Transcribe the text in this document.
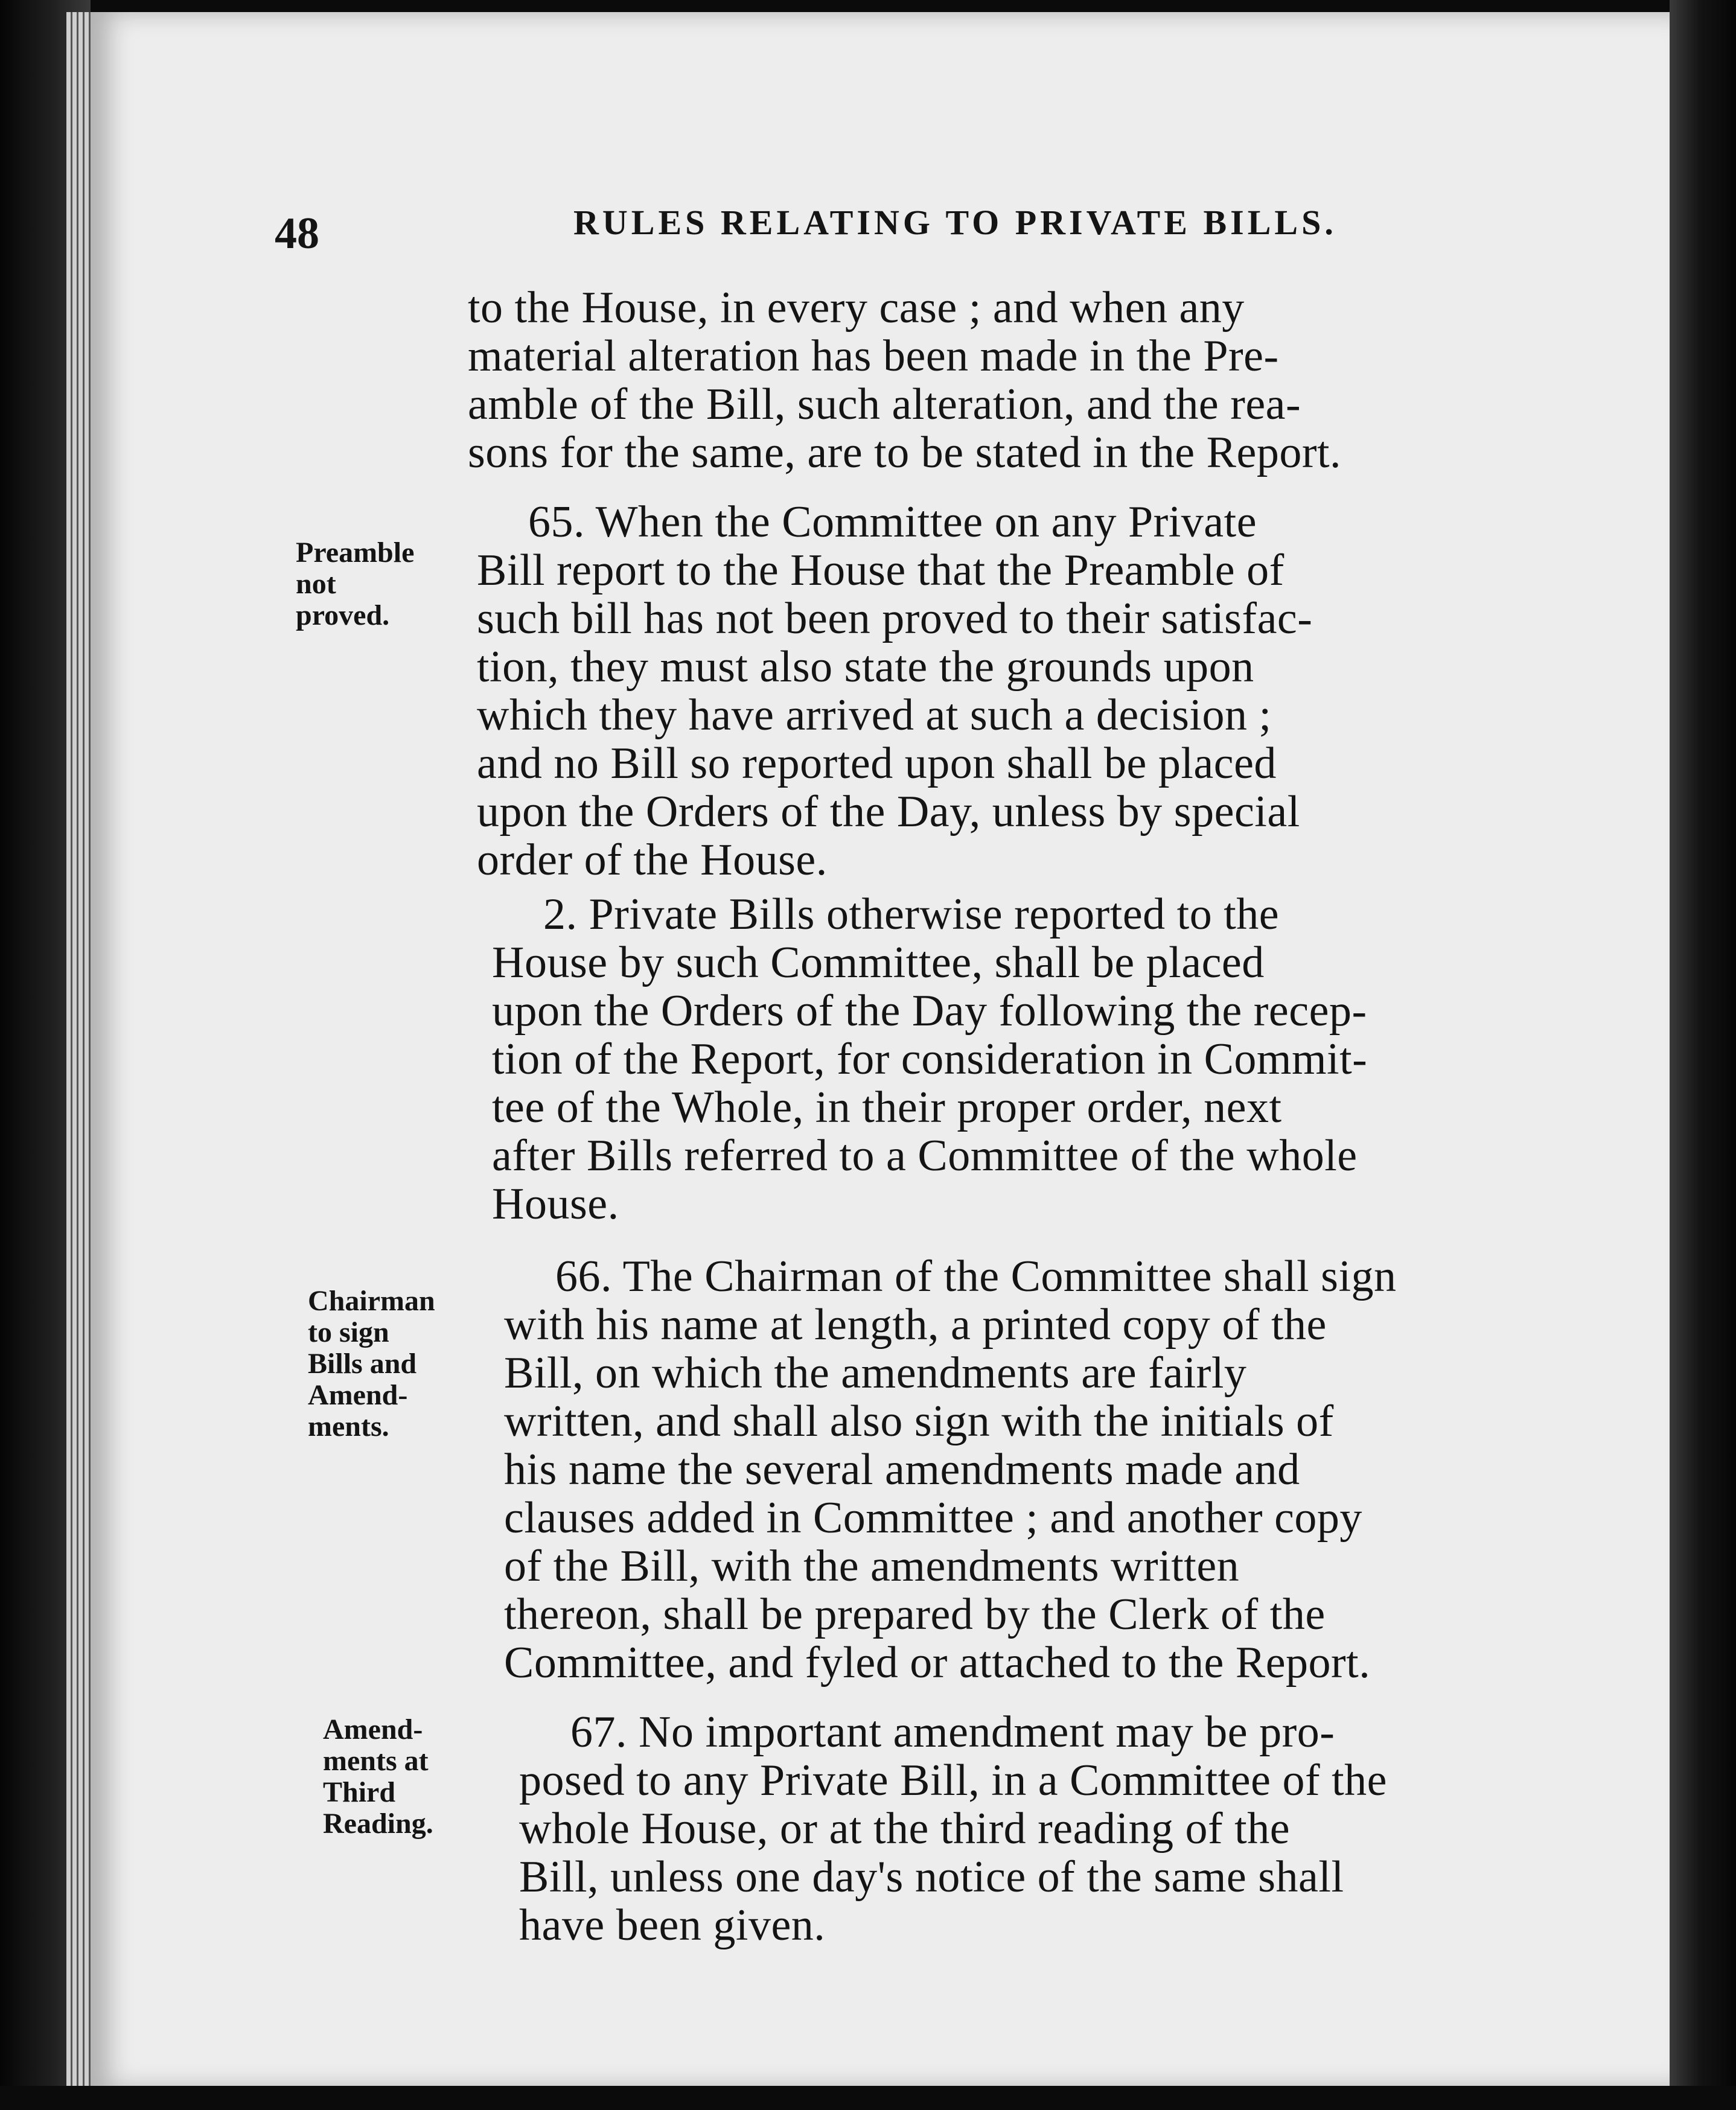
48	RULES RELATING TO PRIVATE BILLS.
to the House, in every case ; and when any
material alteration has been made in the Pre-
amble of the Bill, such alteration, and the rea-
sons for the same, are to be stated in the Report.
65. When the Committee on any Private
Bill report to the House that the Preamble of
such bill has not been proved to their satisfac-
tion, they must also state the grounds upon
which they have arrived at such a decision ;
and no Bill so reported upon shall be placed
upon the Orders of the Day, unless by special
order of the House.
2. Private Bills otherwise reported to the
House by such Committee, shall be placed
upon the Orders of the Day following the recep-
tion of the Report, for consideration in Commit-
tee of the Whole, in their proper order, next
after Bills referred to a Committee of the whole
House.
66. The Chairman of the Committee shall sign
with his name at length, a printed copy of the
Bill, on which the amendments are fairly
written, and shall also sign with the initials of
his name the several amendments made and
clauses added in Committee ; and another copy
of the Bill, with the amendments written
thereon, shall be prepared by the Clerk of the
Committee, and fyled or attached to the Report.
67. No important amendment may be pro-
posed to any Private Bill, in a Committee of the
whole House, or at the third reading of the
Bill, unless one day's notice of the same shall
have been given.
Preamble
not
proved.
Chairman
to sign
Bills and
Amend-
ments.
Amend-
ments at
Third
Reading.
